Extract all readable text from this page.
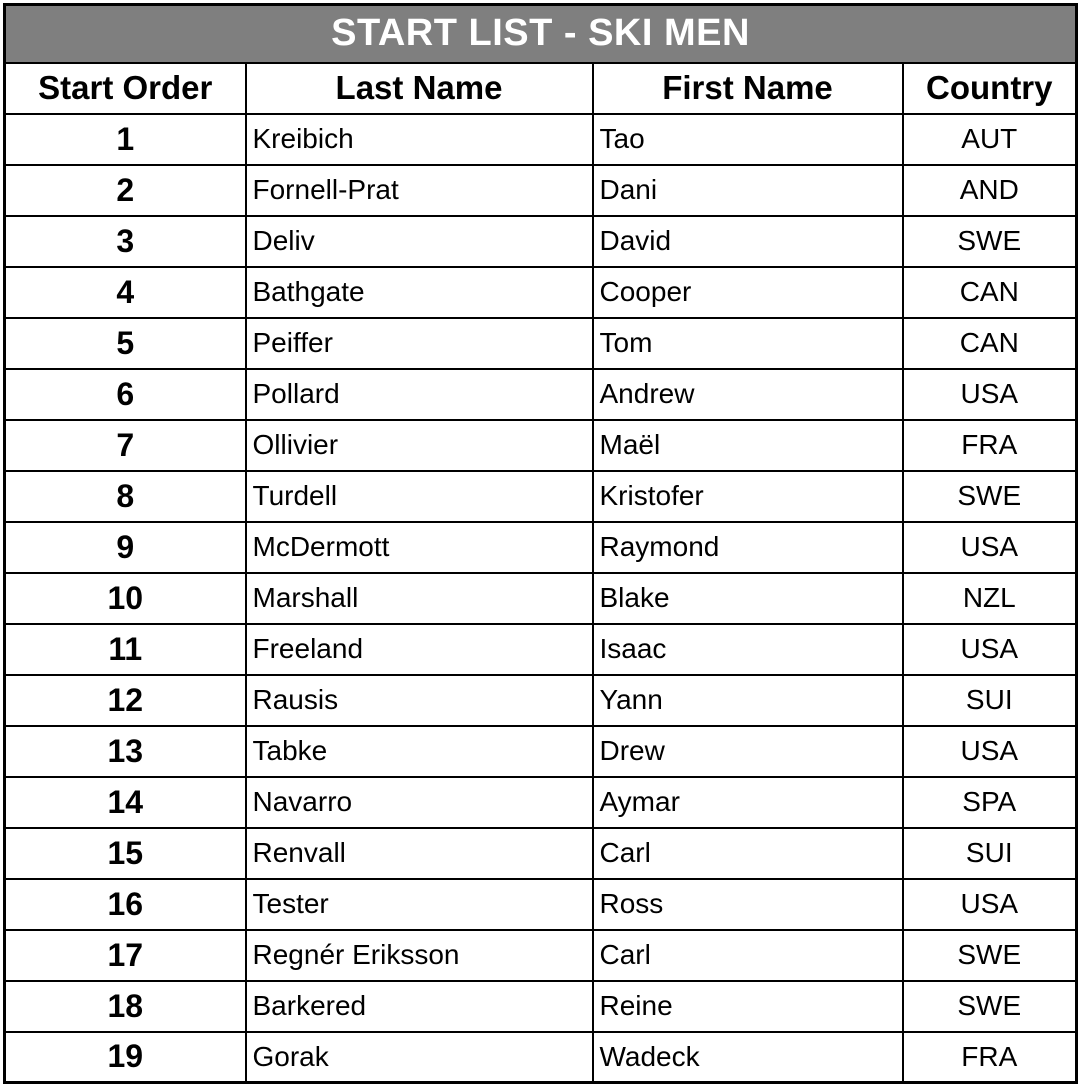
START LIST - SKI MEN			
Start Order	Last Name	First Name	Country
1	Kreibich	Tao	AUT
2	Fornell-Prat	Dani	AND
3	Deliv	David	SWE
4	Bathgate	Cooper	CAN
5	Peiffer	Tom	CAN
6	Pollard	Andrew	USA
7	Ollivier	Maël	FRA
8	Turdell	Kristofer	SWE
9	McDermott	Raymond	USA
10	Marshall	Blake	NZL
11	Freeland	Isaac	USA
12	Rausis	Yann	SUI
13	Tabke	Drew	USA
14	Navarro	Aymar	SPA
15	Renvall	Carl	SUI
16	Tester	Ross	USA
17	Regnér Eriksson	Carl	SWE
18	Barkered	Reine	SWE
19	Gorak	Wadeck	FRA
